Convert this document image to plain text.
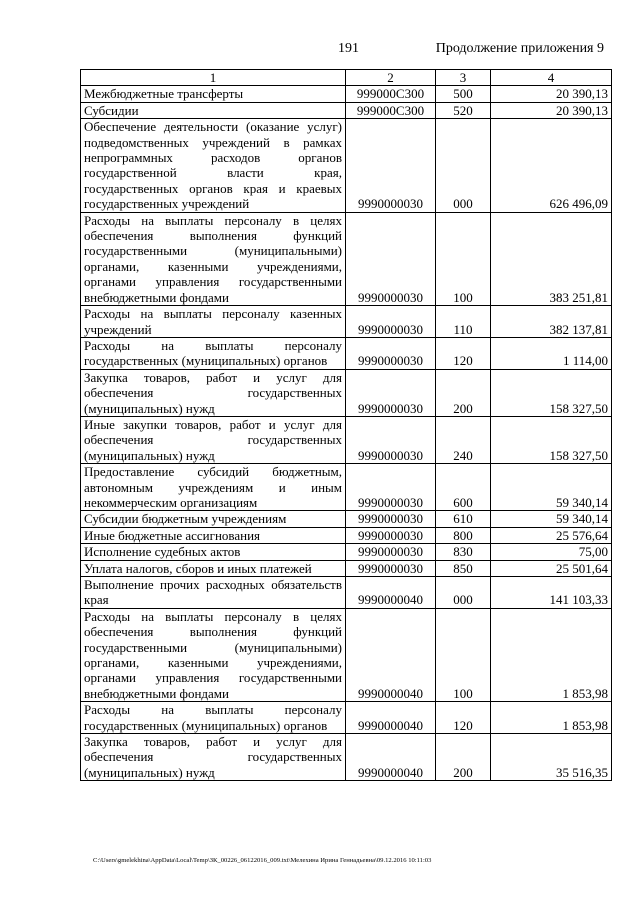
191	Продолжение приложения 9
1	2	3	4
Межбюджетные трансферты	999000С300	500	20 390,13
Субсидии	999000С300	520	20 390,13
Обеспечение деятельности (оказание услуг) подведомственных учреждений в рамках непрограммных расходов органов государственной власти края, государственных органов края и краевых государственных учреждений	9990000030	000	626 496,09
Расходы на выплаты персоналу в целях обеспечения выполнения функций государственными (муниципальными) органами, казенными учреждениями, органами управления государственными внебюджетными фондами	9990000030	100	383 251,81
Расходы на выплаты персоналу казенных учреждений	9990000030	110	382 137,81
Расходы на выплаты персоналу государственных (муниципальных) органов	9990000030	120	1 114,00
Закупка товаров, работ и услуг для обеспечения государственных (муниципальных) нужд	9990000030	200	158 327,50
Иные закупки товаров, работ и услуг для обеспечения государственных (муниципальных) нужд	9990000030	240	158 327,50
Предоставление субсидий бюджетным, автономным учреждениям и иным некоммерческим организациям	9990000030	600	59 340,14
Субсидии бюджетным учреждениям	9990000030	610	59 340,14
Иные бюджетные ассигнования	9990000030	800	25 576,64
Исполнение судебных актов	9990000030	830	75,00
Уплата налогов, сборов и иных платежей	9990000030	850	25 501,64
Выполнение прочих расходных обязательств края	9990000040	000	141 103,33
Расходы на выплаты персоналу в целях обеспечения выполнения функций государственными (муниципальными) органами, казенными учреждениями, органами управления государственными внебюджетными фондами	9990000040	100	1 853,98
Расходы на выплаты персоналу государственных (муниципальных) органов	9990000040	120	1 853,98
Закупка товаров, работ и услуг для обеспечения государственных (муниципальных) нужд	9990000040	200	35 516,35
C:\Users\gmelekhina\AppData\Local\Temp\ЗК_00226_06122016_009.txt\Мелехина Ирина Геннадьевна\09.12.2016 10:11:03
